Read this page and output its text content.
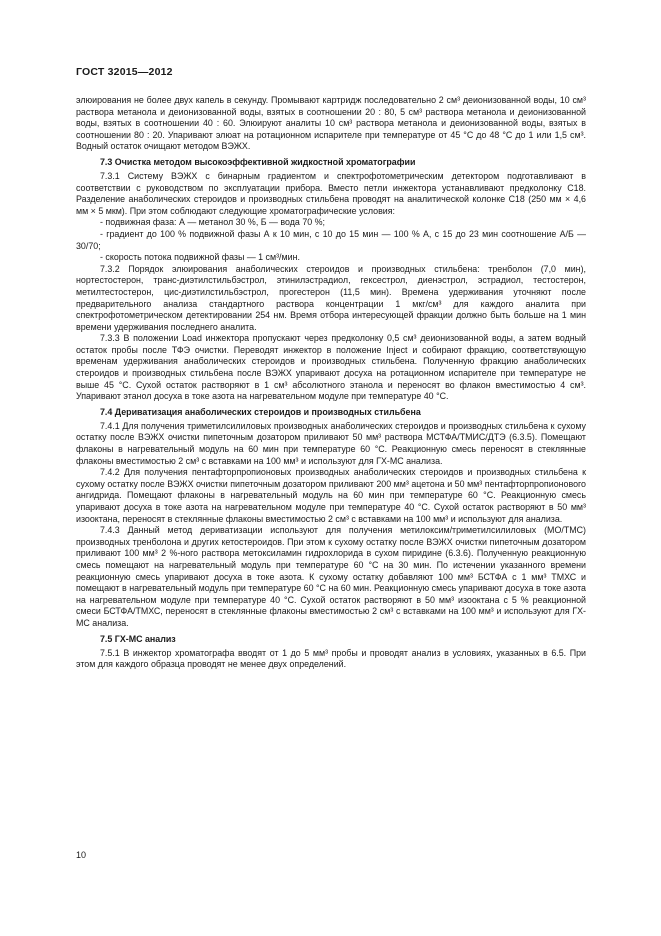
ГОСТ 32015—2012

элюирования не более двух капель в секунду. Промывают картридж последовательно 2 см³ деионизованной воды, 10 см³ раствора метанола и деионизованной воды, взятых в соотношении 20 : 80, 5 см³ раствора метанола и деионизованной воды, взятых в соотношении 40 : 60. Элюируют аналиты 10 см³ раствора метанола и деионизованной воды, взятых в соотношении 80 : 20. Упаривают элюат на ротационном испарителе при температуре от 45 °С до 48 °С до 1 или 1,5 см³. Водный остаток очищают методом ВЭЖХ.

7.3 Очистка методом высокоэффективной жидкостной хроматографии

7.3.1 Систему ВЭЖХ с бинарным градиентом и спектрофотометрическим детектором подготавливают в соответствии с руководством по эксплуатации прибора. Вместо петли инжектора устанавливают предколонку С18. Разделение анаболических стероидов и производных стильбена проводят на аналитической колонке С18 (250 мм × 4,6 мм × 5 мкм). При этом соблюдают следующие хроматографические условия:

- подвижная фаза: А — метанол 30 %, Б — вода 70 %;

- градиент до 100 % подвижной фазы А к 10 мин, с 10 до 15 мин — 100 % А, с 15 до 23 мин соотношение А/Б — 30/70;

- скорость потока подвижной фазы — 1 см³/мин.

7.3.2 Порядок элюирования анаболических стероидов и производных стильбена: тренболон (7,0 мин), нортестостерон, транс-диэтилстильбэстрол, этинилэстрадиол, гексестрол, диенэстрол, эстрадиол, тестостерон, метилтестостерон, цис-диэтилстильбэстрол, прогестерон (11,5 мин). Времена удерживания уточняют после предварительного анализа стандартного раствора концентрации 1 мкг/см³ для каждого аналита при спектрофотометрическом детектировании 254 нм. Время отбора интересующей фракции должно быть больше на 1 мин времени удерживания последнего аналита.

7.3.3 В положении Load инжектора пропускают через предколонку 0,5 см³ деионизованной воды, а затем водный остаток пробы после ТФЭ очистки. Переводят инжектор в положение Inject и собирают фракцию, соответствующую временам удерживания анаболических стероидов и производных стильбена. Полученную фракцию анаболических стероидов и производных стильбена после ВЭЖХ упаривают досуха на ротационном испарителе при температуре не выше 45 °С. Сухой остаток растворяют в 1 см³ абсолютного этанола и переносят во флакон вместимостью 4 см³. Упаривают этанол досуха в токе азота на нагревательном модуле при температуре 40 °С.

7.4 Дериватизация анаболических стероидов и производных стильбена

7.4.1 Для получения триметилсилиловых производных анаболических стероидов и производных стильбена к сухому остатку после ВЭЖХ очистки пипеточным дозатором приливают 50 мм³ раствора МСТФА/ТМИС/ДТЭ (6.3.5). Помещают флаконы в нагревательный модуль на 60 мин при температуре 60 °С. Реакционную смесь переносят в стеклянные флаконы вместимостью 2 см³ с вставками на 100 мм³ и используют для ГХ-МС анализа.

7.4.2 Для получения пентафторпропионовых производных анаболических стероидов и производных стильбена к сухому остатку после ВЭЖХ очистки пипеточным дозатором приливают 200 мм³ ацетона и 50 мм³ пентафторпропионового ангидрида. Помещают флаконы в нагревательный модуль на 60 мин при температуре 60 °С. Реакционную смесь упаривают досуха в токе азота на нагревательном модуле при температуре 40 °С. Сухой остаток растворяют в 50 мм³ изооктана, переносят в стеклянные флаконы вместимостью 2 см³ с вставками на 100 мм³ и используют для анализа.

7.4.3 Данный метод дериватизации используют для получения метилоксим/триметилсилиловых (МО/ТМС) производных тренболона и других кетостероидов. При этом к сухому остатку после ВЭЖХ очистки пипеточным дозатором приливают 100 мм³ 2 %-ного раствора метоксиламин гидрохлорида в сухом пиридине (6.3.6). Полученную реакционную смесь помещают на нагревательный модуль при температуре 60 °С на 30 мин. По истечении указанного времени реакционную смесь упаривают досуха в токе азота. К сухому остатку добавляют 100 мм³ БСТФА с 1 мм³ ТМХС и помещают в нагревательный модуль при температуре 60 °С на 60 мин. Реакционную смесь упаривают досуха в токе азота на нагревательном модуле при температуре 40 °С. Сухой остаток растворяют в 50 мм³ изооктана с 5 % реакционной смеси БСТФА/ТМХС, переносят в стеклянные флаконы вместимостью 2 см³ с вставками на 100 мм³ и используют для ГХ-МС анализа.

7.5 ГХ-МС анализ

7.5.1 В инжектор хроматографа вводят от 1 до 5 мм³ пробы и проводят анализ в условиях, указанных в 6.5. При этом для каждого образца проводят не менее двух определений.

10
